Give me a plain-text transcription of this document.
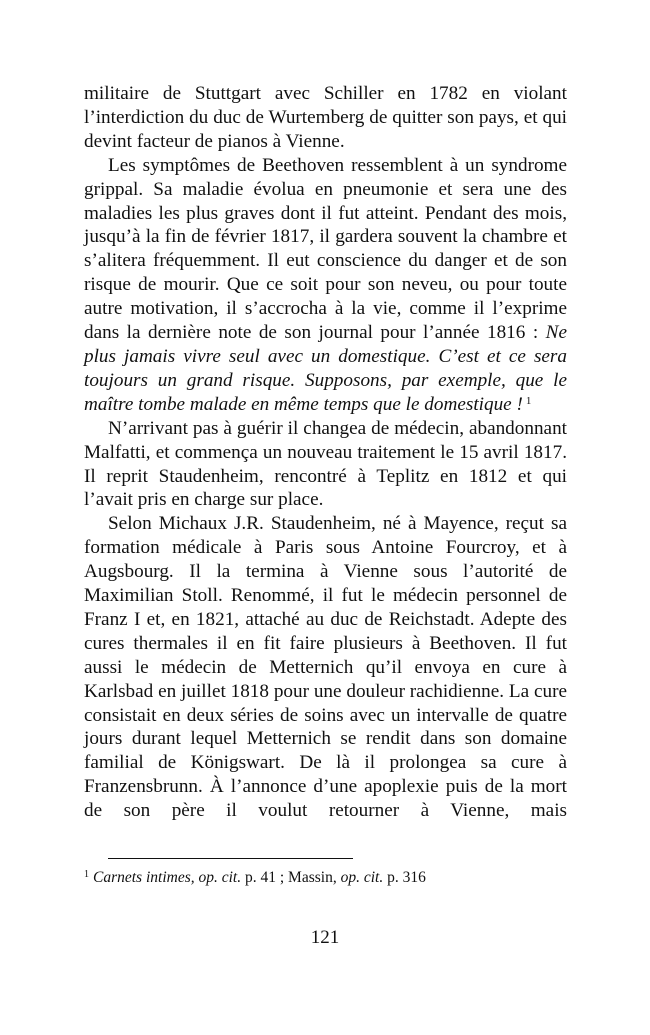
militaire de Stuttgart avec Schiller en 1782 en violant l’interdiction du duc de Wurtemberg de quitter son pays, et qui devint facteur de pianos à Vienne.

Les symptômes de Beethoven ressemblent à un syndrome grippal. Sa maladie évolua en pneumonie et sera une des maladies les plus graves dont il fut atteint. Pendant des mois, jusqu’à la fin de février 1817, il gardera souvent la chambre et s’alitera fréquemment. Il eut conscience du danger et de son risque de mourir. Que ce soit pour son neveu, ou pour toute autre motivation, il s’accrocha à la vie, comme il l’exprime dans la dernière note de son journal pour l’année 1816 : Ne plus jamais vivre seul avec un domestique. C’est et ce sera toujours un grand risque. Supposons, par exemple, que le maître tombe malade en même temps que le domestique ! $^1$

N’arrivant pas à guérir il changea de médecin, abandonnant Malfatti, et commença un nouveau traitement le 15 avril 1817. Il reprit Staudenheim, rencontré à Teplitz en 1812 et qui l’avait pris en charge sur place.

Selon Michaux J.R. Staudenheim, né à Mayence, reçut sa formation médicale à Paris sous Antoine Fourcroy, et à Augsbourg. Il la termina à Vienne sous l’autorité de Maximilian Stoll. Renommé, il fut le médecin personnel de Franz I et, en 1821, attaché au duc de Reichstadt. Adepte des cures thermales il en fit faire plusieurs à Beethoven. Il fut aussi le médecin de Metternich qu’il envoya en cure à Karlsbad en juillet 1818 pour une douleur rachidienne. La cure consistait en deux séries de soins avec un intervalle de quatre jours durant lequel Metternich se rendit dans son domaine familial de Königswart. De là il prolongea sa cure à Franzensbrunn. À l’annonce d’une apoplexie puis de la mort de son père il voulut retourner à Vienne, mais

$^1$ Carnets intimes, op. cit. p. 41 ; Massin, op. cit. p. 316
121
